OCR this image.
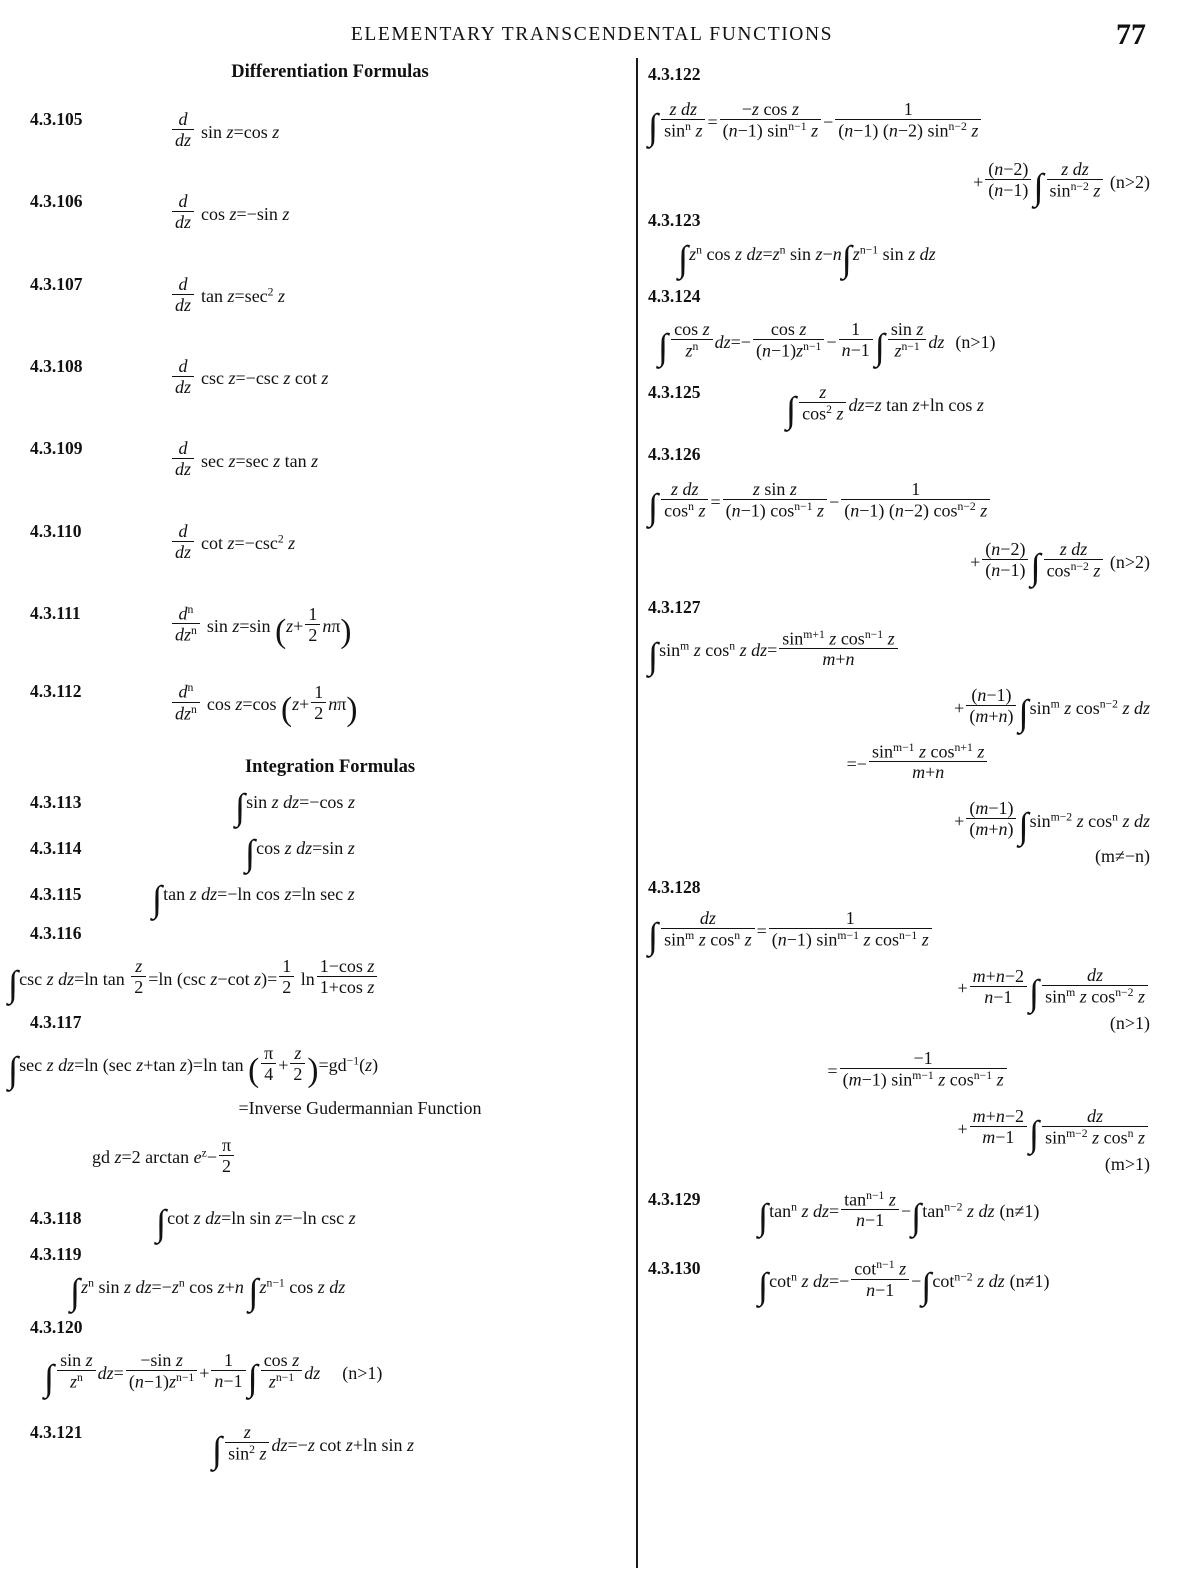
ELEMENTARY TRANSCENDENTAL FUNCTIONS	77
Differentiation Formulas
4.3.105	$\frac{d}{dz}$ sin z=cos z
4.3.106	$\frac{d}{dz}$ cos z=−sin z
4.3.107	$\frac{d}{dz}$ $\tan z=\sec^2$ z
4.3.108	$\frac{d}{dz}$ csc z=−csc z cot z
4.3.109	$\frac{d}{dz}$ sec z=sec z tan z
4.3.110	$\frac{d}{dz}$ $\cot z=-\csc^2$ z
4.3.111	$\frac{d^n}{dz^n}$ sin z=sin $(z+ \frac{1}{2} n\pi)$
4.3.112	$\frac{d^n}{dz^n}$ cos z=cos $(z+ \frac{1}{2} n\pi)$
Integration Formulas
4.3.113	∫sin z dz=−cos z
4.3.114	∫cos z dz=sin z
4.3.115	∫tan z dz=−ln cos z=ln sec z
4.3.116
∫csc z dz=ln $\tan \frac{z}{2} =\ln$ (csc z−cot $z)= \frac{1}{2}$ $\ln \frac{\text{1−cos z}}{\text{1+cos z}}$
4.3.117
∫sec z dz=ln (sec z+tan z)=ln tan ( $\frac{\pi}{4} + \frac{z}{2} )=gd^{-1}(z)$
=Inverse Gudermannian Function
gd z=2 $\arctan e^z- \frac{\pi}{2}$
4.3.118	∫cot z dz=ln sin z=−ln csc z
4.3.119
$\int z^n$ sin z $dz=-z^n$ cos z+n $\int z^{n-1}$ cos z dz
4.3.120
∫ $\frac{\text{sin z}}{z^n} dz= \frac{\text{−sin z}}{(n-1)z^{n-1}} + \frac{1}{n-1}$ ∫ $\frac{\text{cos z}}{z^{n-1}}$ dz (n>1)
4.3.121	∫ $\frac{z}{\sin^2 z} dz=-z$ cot z+ln sin z
4.3.122
∫ $\frac{\text{z dz}}{\sin^n z} = \frac{\text{−z cos z}}{(n-1) \sin^{n-1} z} - \frac{1}{(n-1) (n-2) \sin^{n-2} z}$
+ $\frac{(n-2)}{(n-1)}$ ∫ $\frac{\text{z dz}}{\sin^{n-2} z} (n>2)$
4.3.123
$\int z^n$ cos z $dz=z^n$ $\sin z-n\int z^{n-1}$ sin z dz
4.3.124
∫ $\frac{\text{cos z}}{z^n} dz=- \frac{\text{cos z}}{(n-1)z^{n-1}} - \frac{1}{n-1}$ ∫ $\frac{\text{sin z}}{z^{n-1}}$ dz (n>1)
4.3.125	∫ $\frac{z}{\cos^2 z} dz=z$ tan z+ln cos z
4.3.126
∫ $\frac{\text{z dz}}{\cos^n z} = \frac{\text{z sin z}}{(n-1) \cos^{n-1} z} - \frac{1}{(n-1) (n-2) \cos^{n-2} z}$
+ $\frac{(n-2)}{(n-1)}$ ∫ $\frac{\text{z dz}}{\cos^{n-2} z} (n>2)$
4.3.127
$\int\sin^m$ z $\cos^n z$ $dz= \frac{\sin^{m+1} z \cos^{n-1} z}{m+n}$
+ $\frac{(n-1)}{(m+n)} \int\sin^m$ z $\cos^{n-2} z$ dz
=− $\frac{\sin^{m-1} z \cos^{n+1} z}{m+n}$
+ $\frac{(m-1)}{(m+n)} \int\sin^{m-2}$ z $\cos^n z$ dz
(m≠−n)
4.3.128
∫ $\frac{dz}{\sin^m z \cos^n z} = \frac{1}{(n-1) \sin^{m-1} z \cos^{n-1} z}$
+ $\frac{m+n-2}{n-1}$ ∫ $\frac{dz}{\sin^m z \cos^{n-2} z}$
(n>1)
= $\frac{-1}{(m-1) \sin^{m-1} z \cos^{n-1} z}$
+ $\frac{m+n-2}{m-1}$ ∫ $\frac{dz}{\sin^{m-2} z \cos^n z}$
(m>1)
4.3.129	$\int\tan^n$ z $dz= \frac{\tan^{n-1} z}{n-1} -\int\tan^{n-2}$ z dz (n≠1)
4.3.130	$\int\cot^n$ z $dz=- \frac{\cot^{n-1} z}{n-1} -\int\cot^{n-2}$ z dz (n≠1)
